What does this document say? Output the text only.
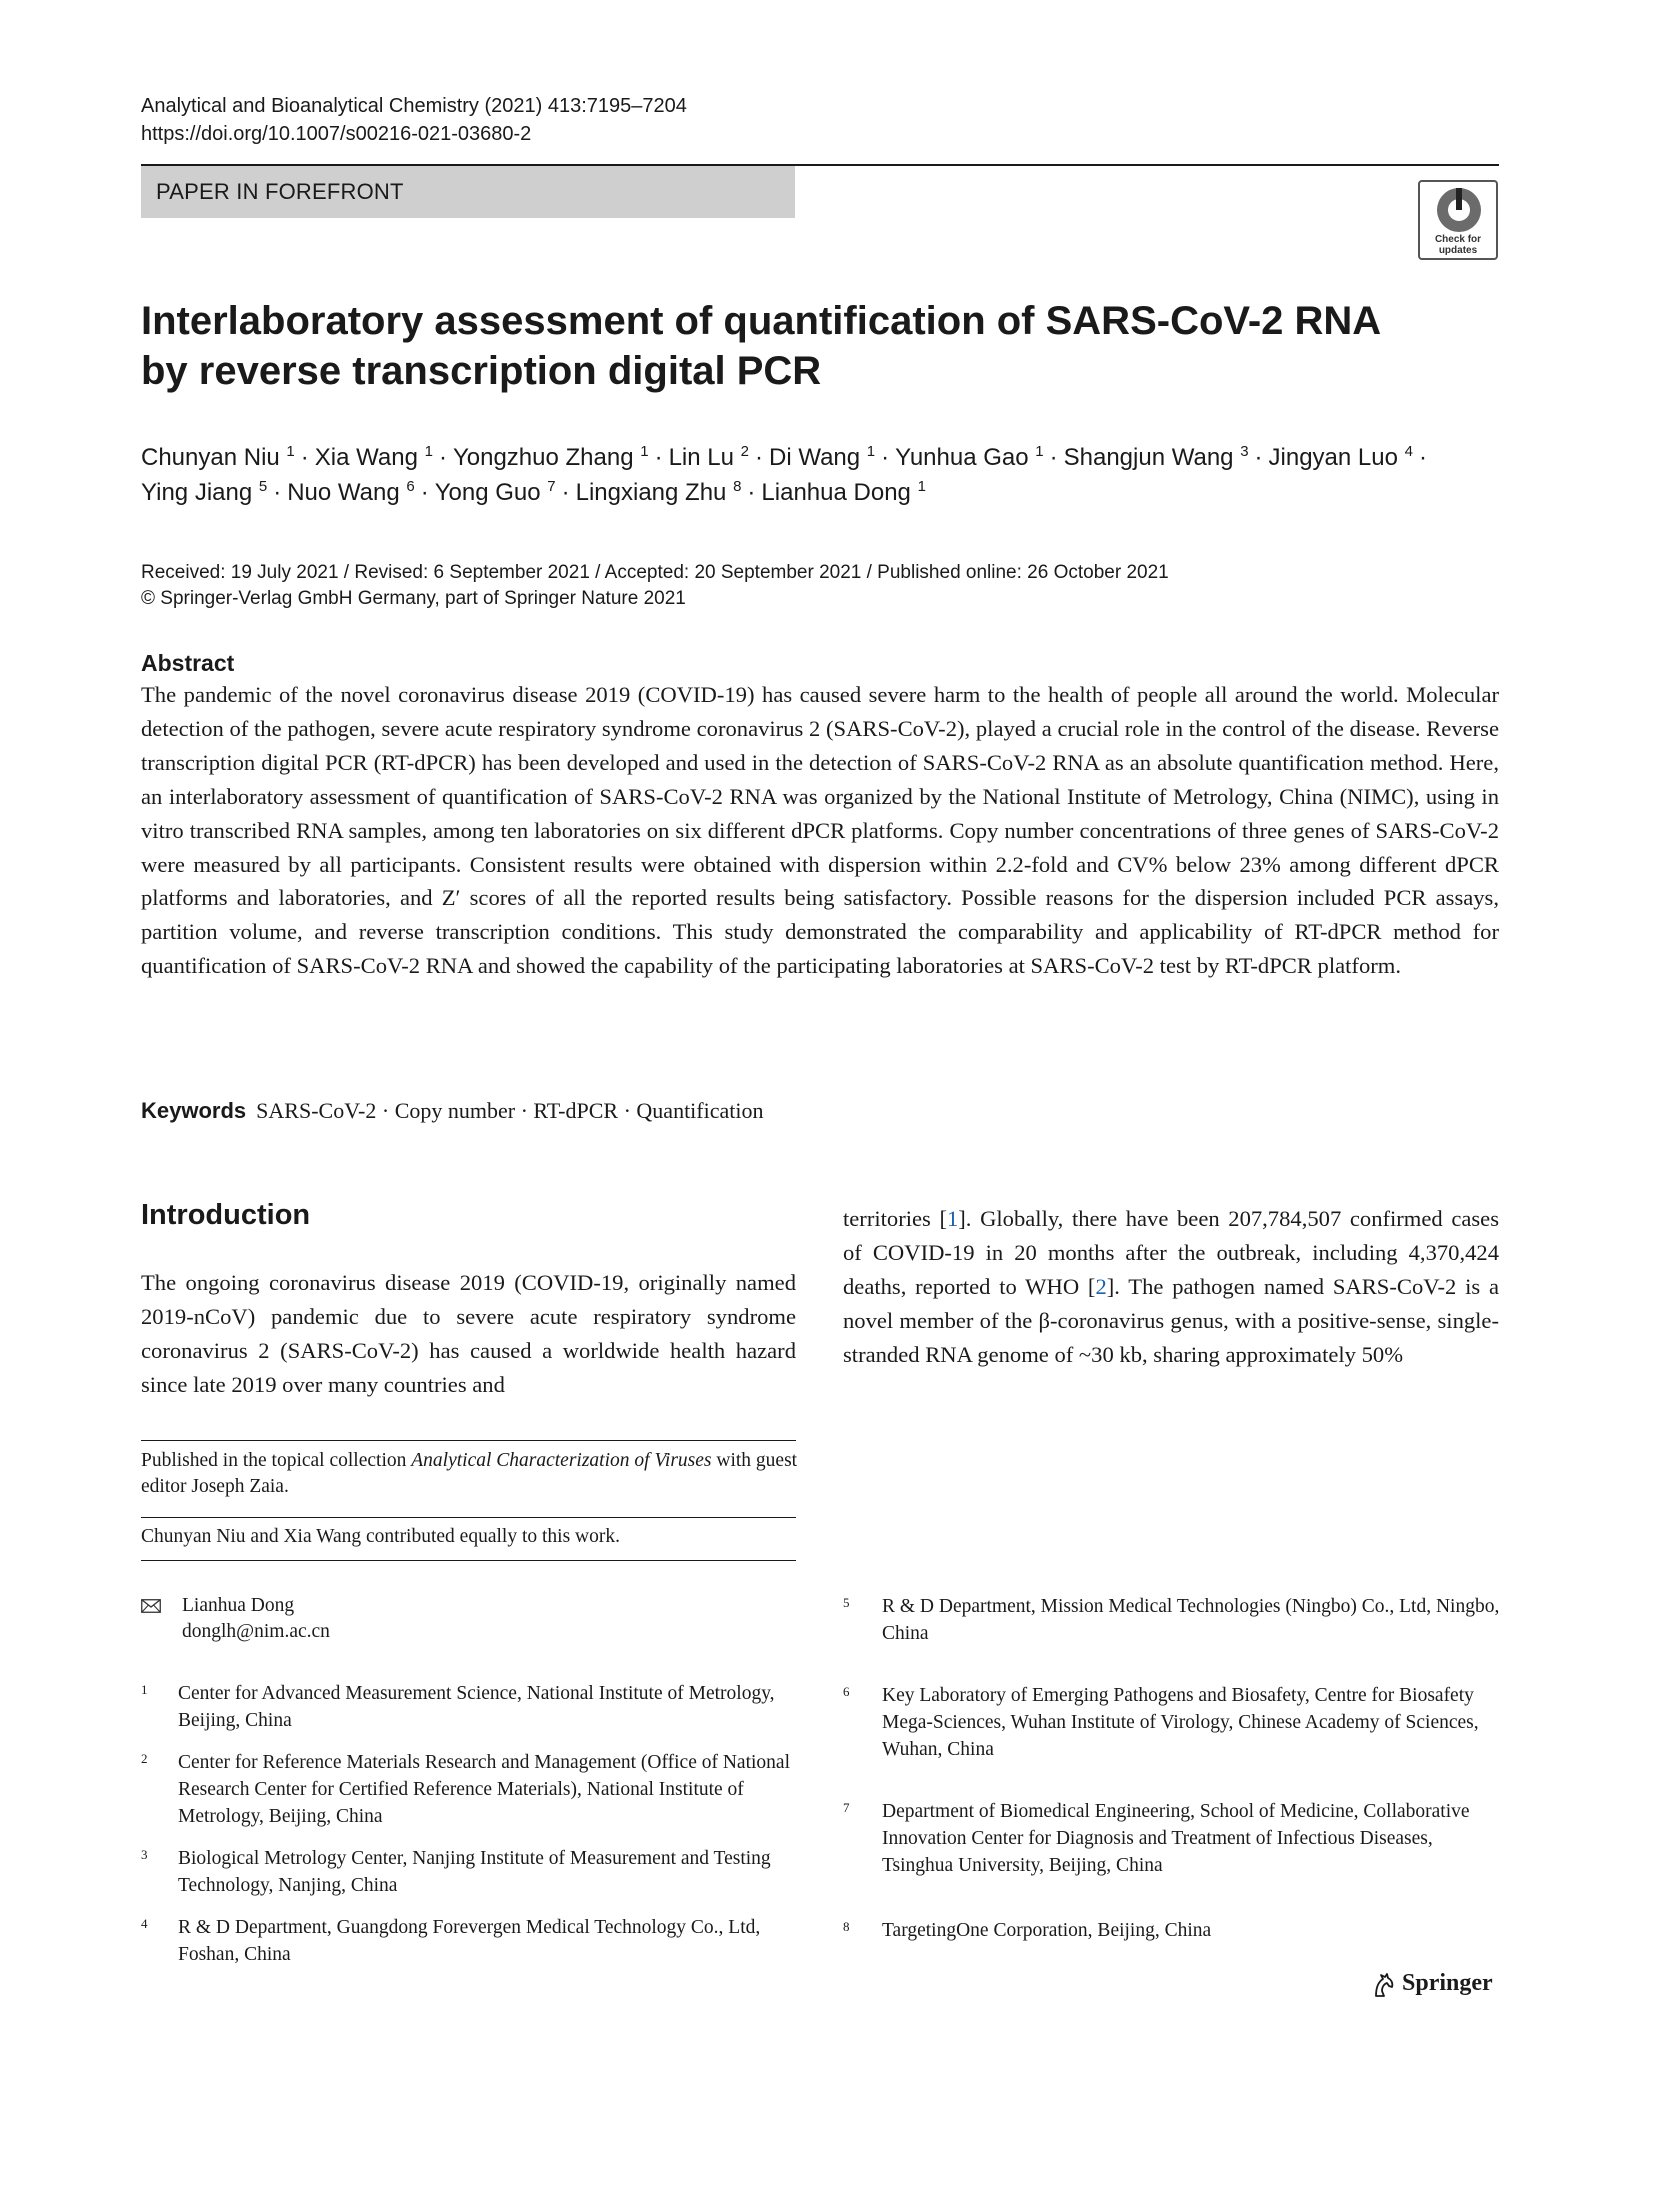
Analytical and Bioanalytical Chemistry (2021) 413:7195–7204
https://doi.org/10.1007/s00216-021-03680-2
PAPER IN FOREFRONT
Check for
updates
Interlaboratory assessment of quantification of SARS-CoV-2 RNA
by reverse transcription digital PCR
Chunyan Niu $^1$ · Xia Wang $^1$ · Yongzhuo Zhang $^1$ · Lin Lu $^2$ · Di Wang $^1$ · Yunhua Gao $^1$ · Shangjun Wang $^3$ · Jingyan Luo $^4$ ·
Ying Jiang $^5$ · Nuo Wang $^6$ · Yong Guo $^7$ · Lingxiang Zhu $^8$ · Lianhua Dong $^1$
Received: 19 July 2021 / Revised: 6 September 2021 / Accepted: 20 September 2021 / Published online: 26 October 2021
© Springer-Verlag GmbH Germany, part of Springer Nature 2021
Abstract
The pandemic of the novel coronavirus disease 2019 (COVID-19) has caused severe harm to the health of people all around the world. Molecular detection of the pathogen, severe acute respiratory syndrome coronavirus 2 (SARS-CoV-2), played a crucial role in the control of the disease. Reverse transcription digital PCR (RT-dPCR) has been developed and used in the detection of SARS-CoV-2 RNA as an absolute quantification method. Here, an interlaboratory assessment of quantification of SARS-CoV-2 RNA was organized by the National Institute of Metrology, China (NIMC), using in vitro transcribed RNA samples, among ten laboratories on six different dPCR platforms. Copy number concentrations of three genes of SARS-CoV-2 were measured by all participants. Consistent results were obtained with dispersion within 2.2-fold and CV% below 23% among different dPCR platforms and laboratories, and Z′ scores of all the reported results being satisfactory. Possible reasons for the dispersion included PCR assays, partition volume, and reverse transcription conditions. This study demonstrated the comparability and applicability of RT-dPCR method for quantification of SARS-CoV-2 RNA and showed the capability of the participating laboratories at SARS-CoV-2 test by RT-dPCR platform.
Keywords SARS-CoV-2 · Copy number · RT-dPCR · Quantification
Introduction
The ongoing coronavirus disease 2019 (COVID-19, originally named 2019-nCoV) pandemic due to severe acute respiratory syndrome coronavirus 2 (SARS-CoV-2) has caused a worldwide health hazard since late 2019 over many countries and
territories [1]. Globally, there have been 207,784,507 confirmed cases of COVID-19 in 20 months after the outbreak, including 4,370,424 deaths, reported to WHO [2]. The pathogen named SARS-CoV-2 is a novel member of the β-coronavirus genus, with a positive-sense, single-stranded RNA genome of ~30 kb, sharing approximately 50%
Published in the topical collection Analytical Characterization of Viruses with guest editor Joseph Zaia.
Chunyan Niu and Xia Wang contributed equally to this work.
Lianhua Dong
donglh@nim.ac.cn
1 Center for Advanced Measurement Science, National Institute of Metrology, Beijing, China
2 Center for Reference Materials Research and Management (Office of National Research Center for Certified Reference Materials), National Institute of Metrology, Beijing, China
3 Biological Metrology Center, Nanjing Institute of Measurement and Testing Technology, Nanjing, China
4 R & D Department, Guangdong Forevergen Medical Technology Co., Ltd, Foshan, China
5 R & D Department, Mission Medical Technologies (Ningbo) Co., Ltd, Ningbo, China
6 Key Laboratory of Emerging Pathogens and Biosafety, Centre for Biosafety Mega-Sciences, Wuhan Institute of Virology, Chinese Academy of Sciences, Wuhan, China
7 Department of Biomedical Engineering, School of Medicine, Collaborative Innovation Center for Diagnosis and Treatment of Infectious Diseases, Tsinghua University, Beijing, China
8 TargetingOne Corporation, Beijing, China
Springer
